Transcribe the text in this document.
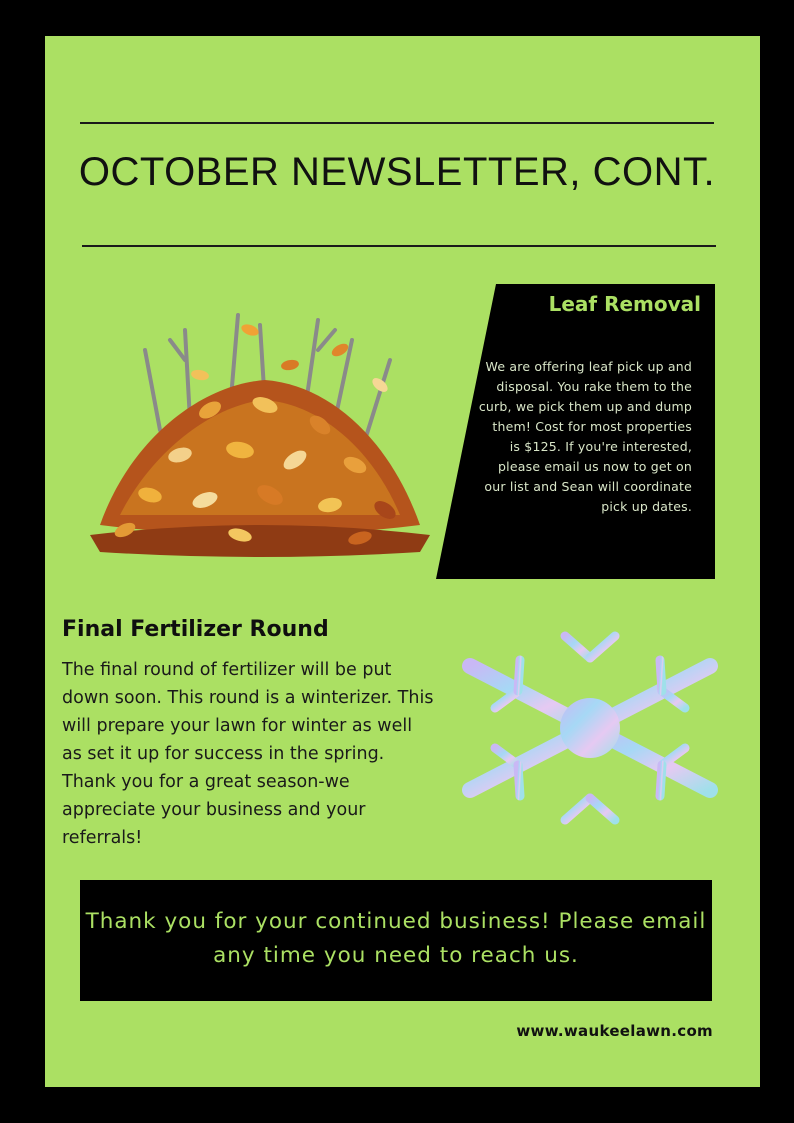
OCTOBER NEWSLETTER, CONT.
Leaf Removal
We are offering leaf pick up and disposal. You rake them to the curb, we pick them up and dump them! Cost for most properties is $125. If you're interested, please email us now to get on our list and Sean will coordinate pick up dates.
Final Fertilizer Round
The final round of fertilizer will be put down soon. This round is a winterizer. This will prepare your lawn for winter as well as set it up for success in the spring. Thank you for a great season-we appreciate your business and your referrals!
Thank you for your continued business! Please email any time you need to reach us.
www.waukeelawn.com
